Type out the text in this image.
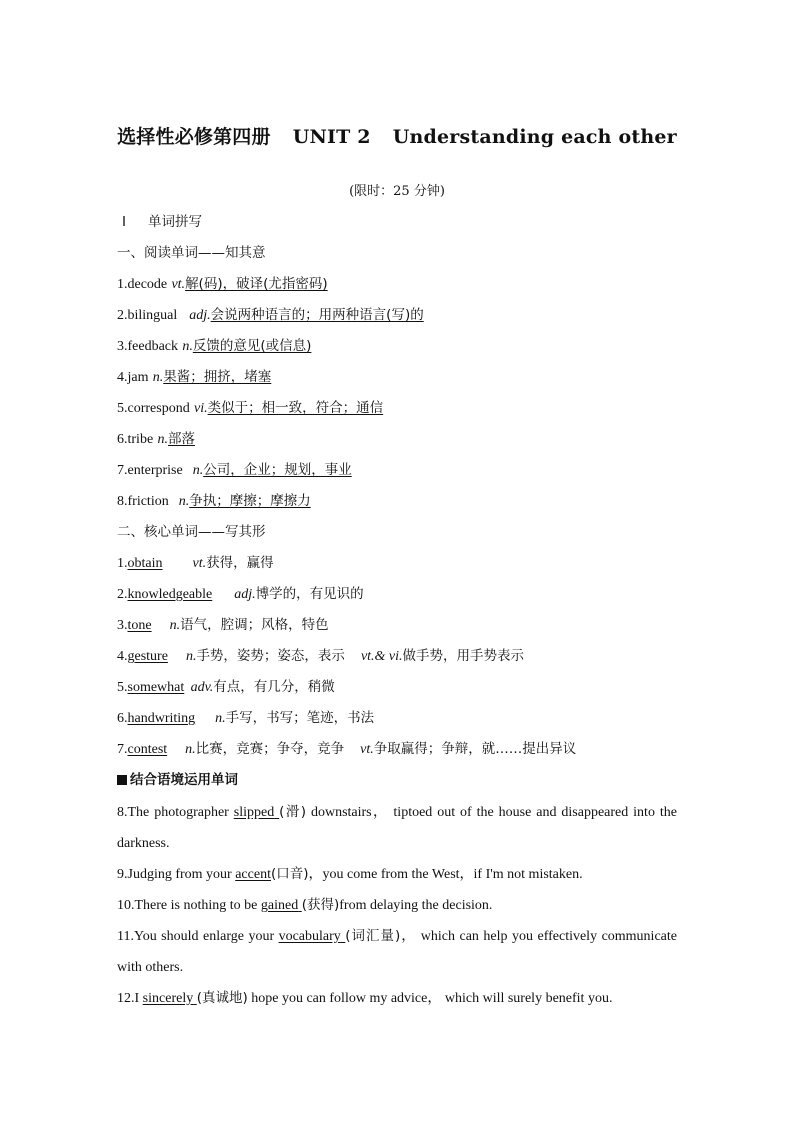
选择性必修第四册 UNIT 2 Understanding each other
(限时：25 分钟)
Ⅰ 单词拼写
一、阅读单词——知其意
1.decode vt.解(码)，破译(尤指密码)
2.bilingual adj.会说两种语言的；用两种语言(写)的
3.feedback n.反馈的意见(或信息)
4.jam n.果酱；拥挤，堵塞
5.correspond vi.类似于；相一致，符合；通信
6.tribe n.部落
7.enterprise n.公司，企业；规划，事业
8.friction n.争执；摩擦；摩擦力
二、核心单词——写其形
1.obtain vt.获得，赢得
2.knowledgeable adj.博学的，有见识的
3.tone n.语气，腔调；风格，特色
4.gesture n.手势，姿势；姿态，表示 vt.& vi.做手势，用手势表示
5.somewhat adv.有点，有几分，稍微
6.handwriting n.手写，书写；笔迹，书法
7.contest n.比赛，竞赛；争夺，竞争 vt.争取赢得；争辩，就……提出异议
结合语境运用单词
8.The photographer slipped (滑) downstairs， tiptoed out of the house and disappeared into the darkness.
9.Judging from your accent(口音)，you come from the West，if I'm not mistaken.
10.There is nothing to be gained (获得)from delaying the decision.
11.You should enlarge your vocabulary (词汇量)， which can help you effectively communicate with others.
12.I sincerely (真诚地) hope you can follow my advice， which will surely benefit you.
